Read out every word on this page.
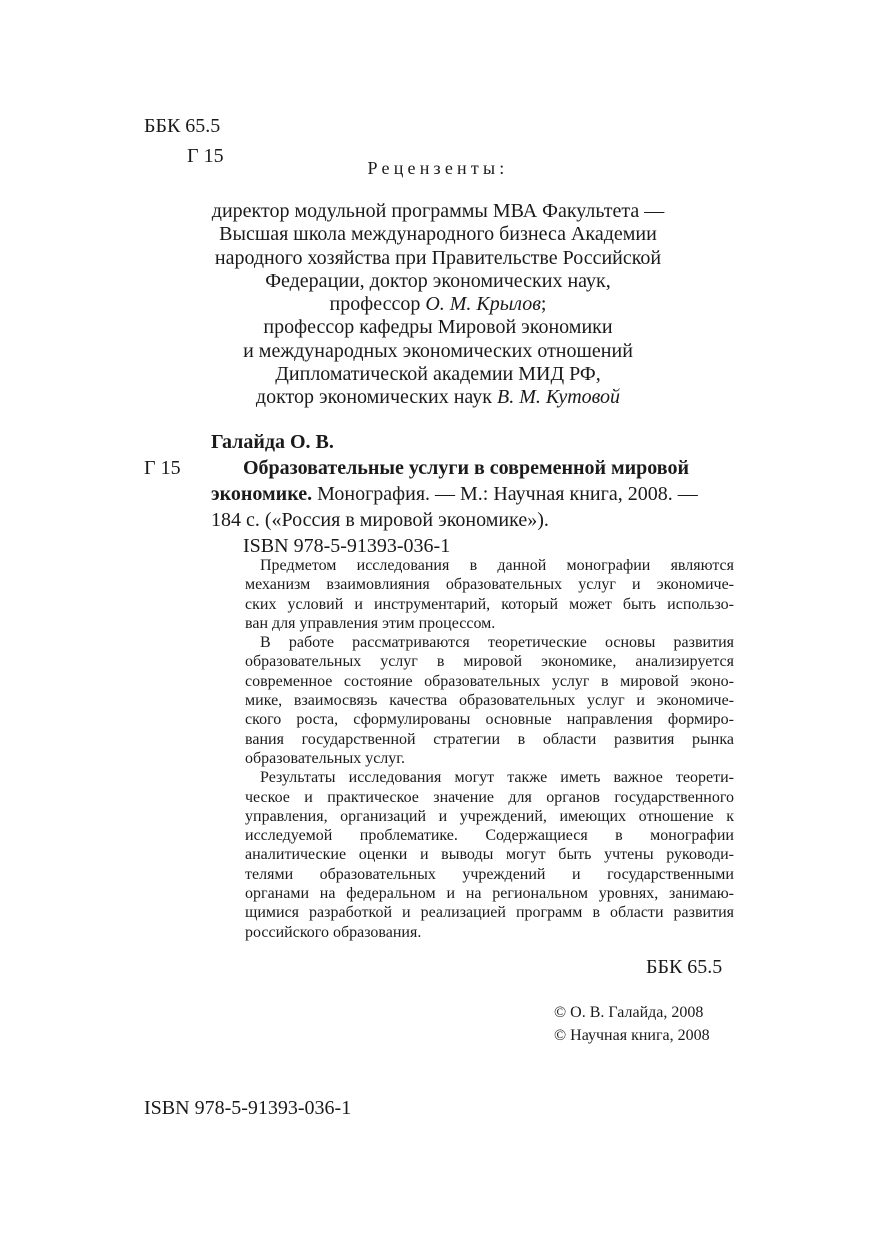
ББК 65.5
Г 15
Рецензенты:
директор модульной программы МВА Факультета —
Высшая школа международного бизнеса Академии
народного хозяйства при Правительстве Российской
Федерации, доктор экономических наук,
профессор О. М. Крылов;
профессор кафедры Мировой экономики
и международных экономических отношений
Дипломатической академии МИД РФ,
доктор экономических наук В. М. Кутовой
Галайда О. В.
Г 15	Образовательные услуги в современной мировой
экономике. Монография. — М.: Научная книга, 2008. —
184 с. («Россия в мировой экономике»).
ISBN 978-5-91393-036-1
Предметом исследования в данной монографии являются
механизм взаимовлияния образовательных услуг и экономиче-
ских условий и инструментарий, который может быть использо-
ван для управления этим процессом.
В работе рассматриваются теоретические основы развития
образовательных услуг в мировой экономике, анализируется
современное состояние образовательных услуг в мировой эконо-
мике, взаимосвязь качества образовательных услуг и экономиче-
ского роста, сформулированы основные направления формиро-
вания государственной стратегии в области развития рынка
образовательных услуг.
Результаты исследования могут также иметь важное теорети-
ческое и практическое значение для органов государственного
управления, организаций и учреждений, имеющих отношение к
исследуемой проблематике. Содержащиеся в монографии
аналитические оценки и выводы могут быть учтены руководи-
телями образовательных учреждений и государственными
органами на федеральном и на региональном уровнях, занимаю-
щимися разработкой и реализацией программ в области развития
российского образования.
ББК 65.5
© О. В. Галайда, 2008
© Научная книга, 2008
ISBN 978-5-91393-036-1
